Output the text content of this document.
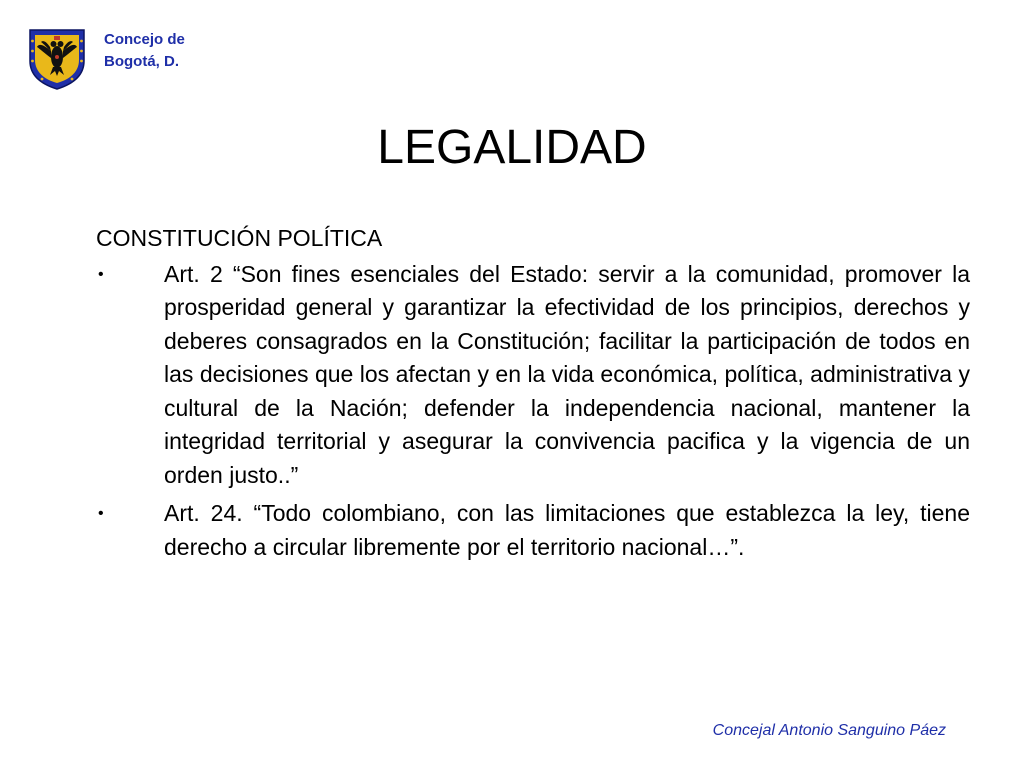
Concejo de
Bogotá, D.
LEGALIDAD

CONSTITUCIÓN POLÍTICA

•	Art. 2 “Son fines esenciales del Estado: servir a la comunidad, promover la prosperidad general y garantizar la efectividad de los principios, derechos y deberes consagrados en la Constitución; facilitar la participación de todos en las decisiones que los afectan y en la vida económica, política, administrativa y cultural de la Nación; defender la independencia nacional, mantener la integridad territorial y asegurar la convivencia pacifica y la vigencia de un orden justo..”

•	Art. 24. “Todo colombiano, con las limitaciones que establezca la ley, tiene derecho a circular libremente por el territorio nacional…”.

Concejal Antonio Sanguino Páez
